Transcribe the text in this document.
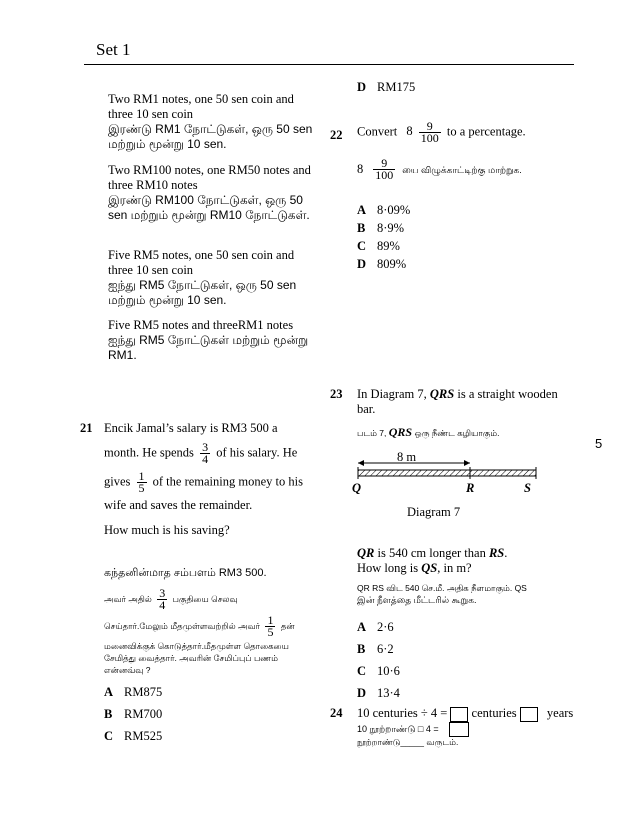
Set 1
5
Two RM1 notes, one 50 sen coin and three 10 sen coin
இரண்டு RM1 நோட்டுகள், ஒரு 50 sen மற்றும் மூன்று 10 sen.
Two RM100 notes, one RM50 notes and three RM10 notes
இரண்டு RM100 நோட்டுகள், ஒரு 50 sen மற்றும் மூன்று RM10 நோட்டுகள்.
Five RM5 notes, one 50 sen coin and three 10 sen coin
ஐந்து RM5 நோட்டுகள், ஒரு 50 sen மற்றும் மூன்று 10 sen.
Five RM5 notes and threeRM1 notes
ஐந்து RM5 நோட்டுகள் மற்றும் மூன்று RM1.
D RM175
21 Encik Jamal’s salary is RM3 500 a
month. He spends $\frac{3}{4}$ of his salary. He
gives $\frac{1}{5}$ of the remaining money to his
wife and saves the remainder.
How much is his saving?
கந்தனின்மாத சம்பளம் RM3 500.
அவர் அதில் $\frac{3}{4}$ பகுதியை செலவு
செய்தார்.மேலும் மீதமுள்ளவற்றில் அவர் $\frac{1}{5}$ தன்
மனைவிக்குக் கொடுத்தார்.மீதமுள்ள தொகையை
சேமித்து வைத்தார். அவரின் சேமிப்புப் பணம்
என்னவ்வு ?
A RM875
B RM700
C RM525
22 Convert $8 \frac{9}{100}$ to a percentage.
$8 \frac{9}{100}$ யை விழுக்காட்டிற்கு மாற்றுக.
A 8·09%
B 8·9%
C 89%
D 809%
23 In Diagram 7, QRS is a straight wooden
bar.
படம் 7, QRS ஒரு நீண்ட கழியாகும்.
8 m
Q	R	S
Diagram 7
QR is 540 cm longer than RS.
How long is QS, in m?
QR RS விட 540 செ.மீ. அதிக நீளமாகும். QS
இன் நீளத்தை மீட்டரில் கூறுக.
A 2·6
B 6·2
C 10·6
D 13·4
24 10 centuries ÷ 4 = centuries years
10 நூற்றாண்டு □ 4 =
நூற்றாண்டு_____ வருடம்.
